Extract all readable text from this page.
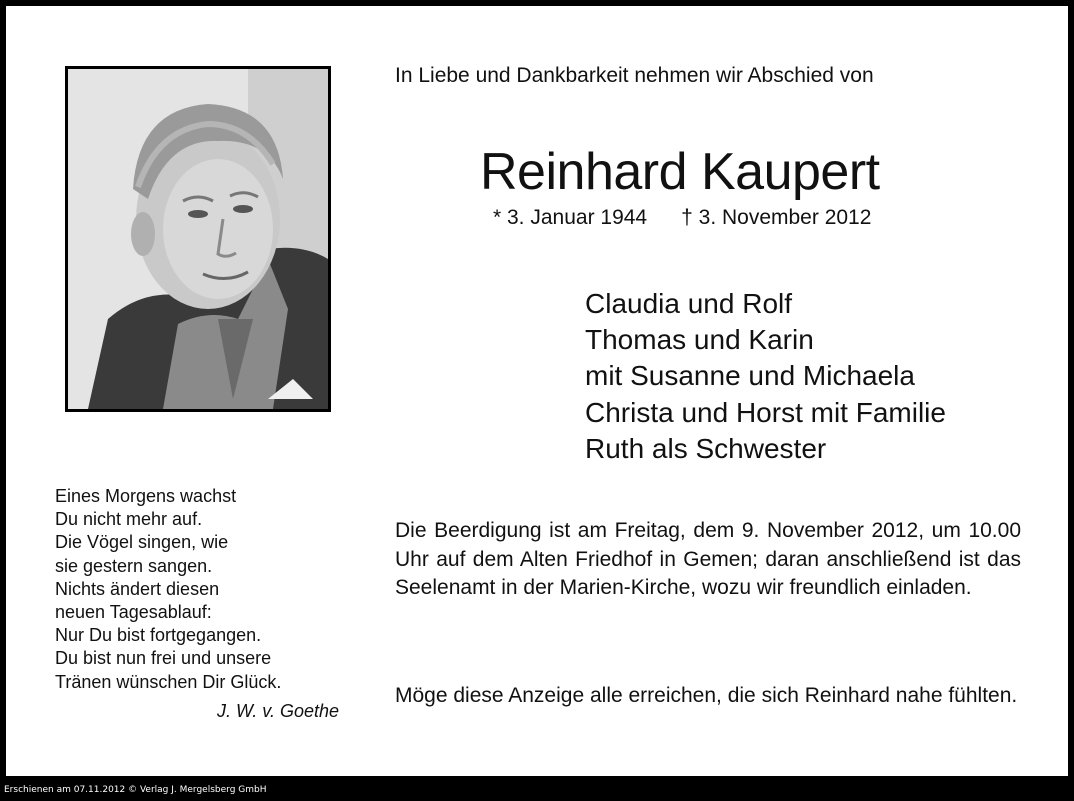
In Liebe und Dankbarkeit nehmen wir Abschied von
Reinhard Kaupert
* 3. Januar 1944 † 3. November 2012
Claudia und Rolf
Thomas und Karin
mit Susanne und Michaela
Christa und Horst mit Familie
Ruth als Schwester
Eines Morgens wachst
Du nicht mehr auf.
Die Vögel singen, wie
sie gestern sangen.
Nichts ändert diesen
neuen Tagesablauf:
Nur Du bist fortgegangen.
Du bist nun frei und unsere
Tränen wünschen Dir Glück.
J. W. v. Goethe
Die Beerdigung ist am Freitag, dem 9. November 2012, um 10.00 Uhr auf dem Alten Friedhof in Gemen; daran anschließend ist das Seelenamt in der Marien-Kirche, wozu wir freundlich einladen.
Möge diese Anzeige alle erreichen, die sich Reinhard nahe fühlten.
Erschienen am 07.11.2012 © Verlag J. Mergelsberg GmbH
